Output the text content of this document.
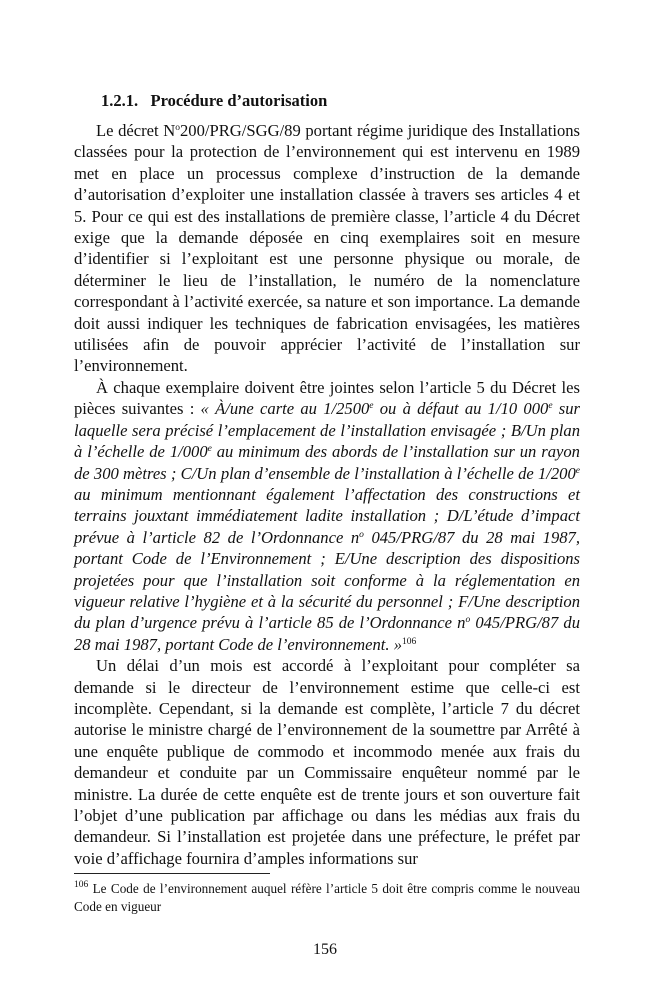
1.2.1. Procédure d’autorisation

Le décret $N^o200/PRG/SGG/89$ portant régime juridique des Installations classées pour la protection de l’environnement qui est intervenu en 1989 met en place un processus complexe d’instruction de la demande d’autorisation d’exploiter une installation classée à travers ses articles 4 et 5. Pour ce qui est des installations de première classe, l’article 4 du Décret exige que la demande déposée en cinq exemplaires soit en mesure d’identifier si l’exploitant est une personne physique ou morale, de déterminer le lieu de l’installation, le numéro de la nomenclature correspondant à l’activité exercée, sa nature et son importance. La demande doit aussi indiquer les techniques de fabrication envisagées, les matières utilisées afin de pouvoir apprécier l’activité de l’installation sur l’environnement.

À chaque exemplaire doivent être jointes selon l’article 5 du Décret les pièces suivantes : « À/une carte au 1/2500e ou à défaut au 1/10 000e sur laquelle sera précisé l’emplacement de l’installation envisagée ; B/Un plan à l’échelle de 1/000e au minimum des abords de l’installation sur un rayon de 300 mètres ; C/Un plan d’ensemble de l’installation à l’échelle de 1/200e au minimum mentionnant également l’affectation des constructions et terrains jouxtant immédiatement ladite installation ; D/L’étude d’impact prévue à l’article 82 de l’Ordonnance $n^o$ 045/PRG/87 du 28 mai 1987, portant Code de l’Environnement ; E/Une description des dispositions projetées pour que l’installation soit conforme à la réglementation en vigueur relative l’hygiène et à la sécurité du personnel ; F/Une description du plan d’urgence prévu à l’article 85 de l’Ordonnance $n^o$ 045/PRG/87 du 28 mai 1987, portant Code de l’environnement. »$^{106}$

Un délai d’un mois est accordé à l’exploitant pour compléter sa demande si le directeur de l’environnement estime que celle-ci est incomplète. Cependant, si la demande est complète, l’article 7 du décret autorise le ministre chargé de l’environnement de la soumettre par Arrêté à une enquête publique de commodo et incommodo menée aux frais du demandeur et conduite par un Commissaire enquêteur nommé par le ministre. La durée de cette enquête est de trente jours et son ouverture fait l’objet d’une publication par affichage ou dans les médias aux frais du demandeur. Si l’installation est projetée dans une préfecture, le préfet par voie d’affichage fournira d’amples informations sur

$^{106}$ Le Code de l’environnement auquel réfère l’article 5 doit être compris comme le nouveau Code en vigueur

156
